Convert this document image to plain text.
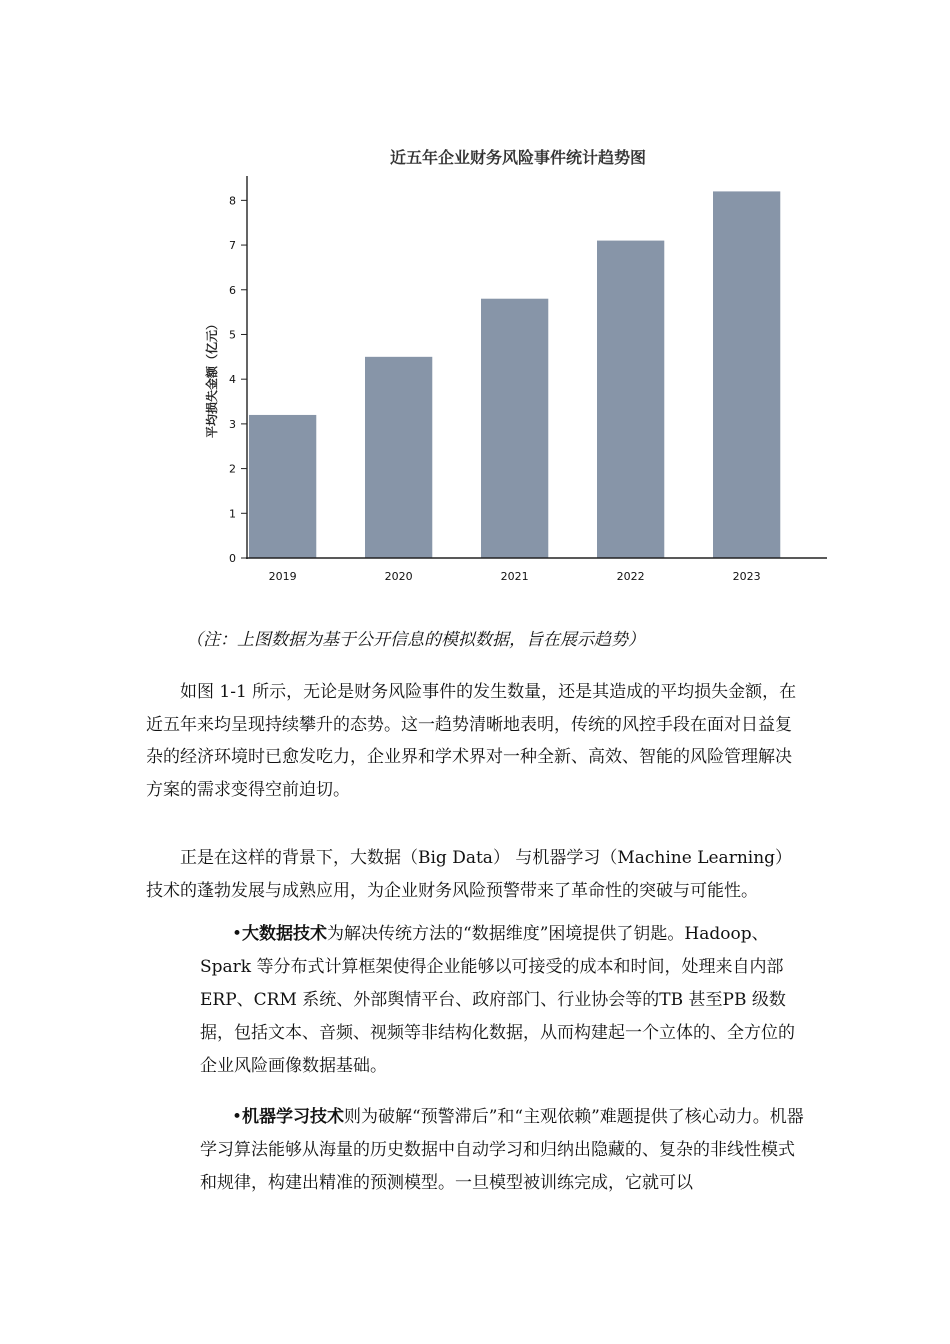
近五年企业财务风险事件统计趋势图
平均损失金额（亿元）
2019	2020	2021	2022	2023
0
1
2
3
4
5
6
7
8
（注：上图数据为基于公开信息的模拟数据，旨在展示趋势）

如图 1-1 所示，无论是财务风险事件的发生数量，还是其造成的平均损失金额，在近五年来均呈现持续攀升的态势。这一趋势清晰地表明，传统的风控手段在面对日益复杂的经济环境时已愈发吃力，企业界和学术界对一种全新、高效、智能的风险管理解决方案的需求变得空前迫切。

正是在这样的背景下，大数据（Big Data） 与机器学习（Machine Learning）技术的蓬勃发展与成熟应用，为企业财务风险预警带来了革命性的突破与可能性。

•大数据技术为解决传统方法的“数据维度”困境提供了钥匙。Hadoop、Spark 等分布式计算框架使得企业能够以可接受的成本和时间，处理来自内部 ERP、CRM 系统、外部舆情平台、政府部门、行业协会等的TB 甚至PB 级数据，包括文本、音频、视频等非结构化数据，从而构建起一个立体的、全方位的企业风险画像数据基础。

•机器学习技术则为破解“预警滞后”和“主观依赖”难题提供了核心动力。机器学习算法能够从海量的历史数据中自动学习和归纳出隐藏的、复杂的非线性模式和规律，构建出精准的预测模型。一旦模型被训练完成，它就可以
